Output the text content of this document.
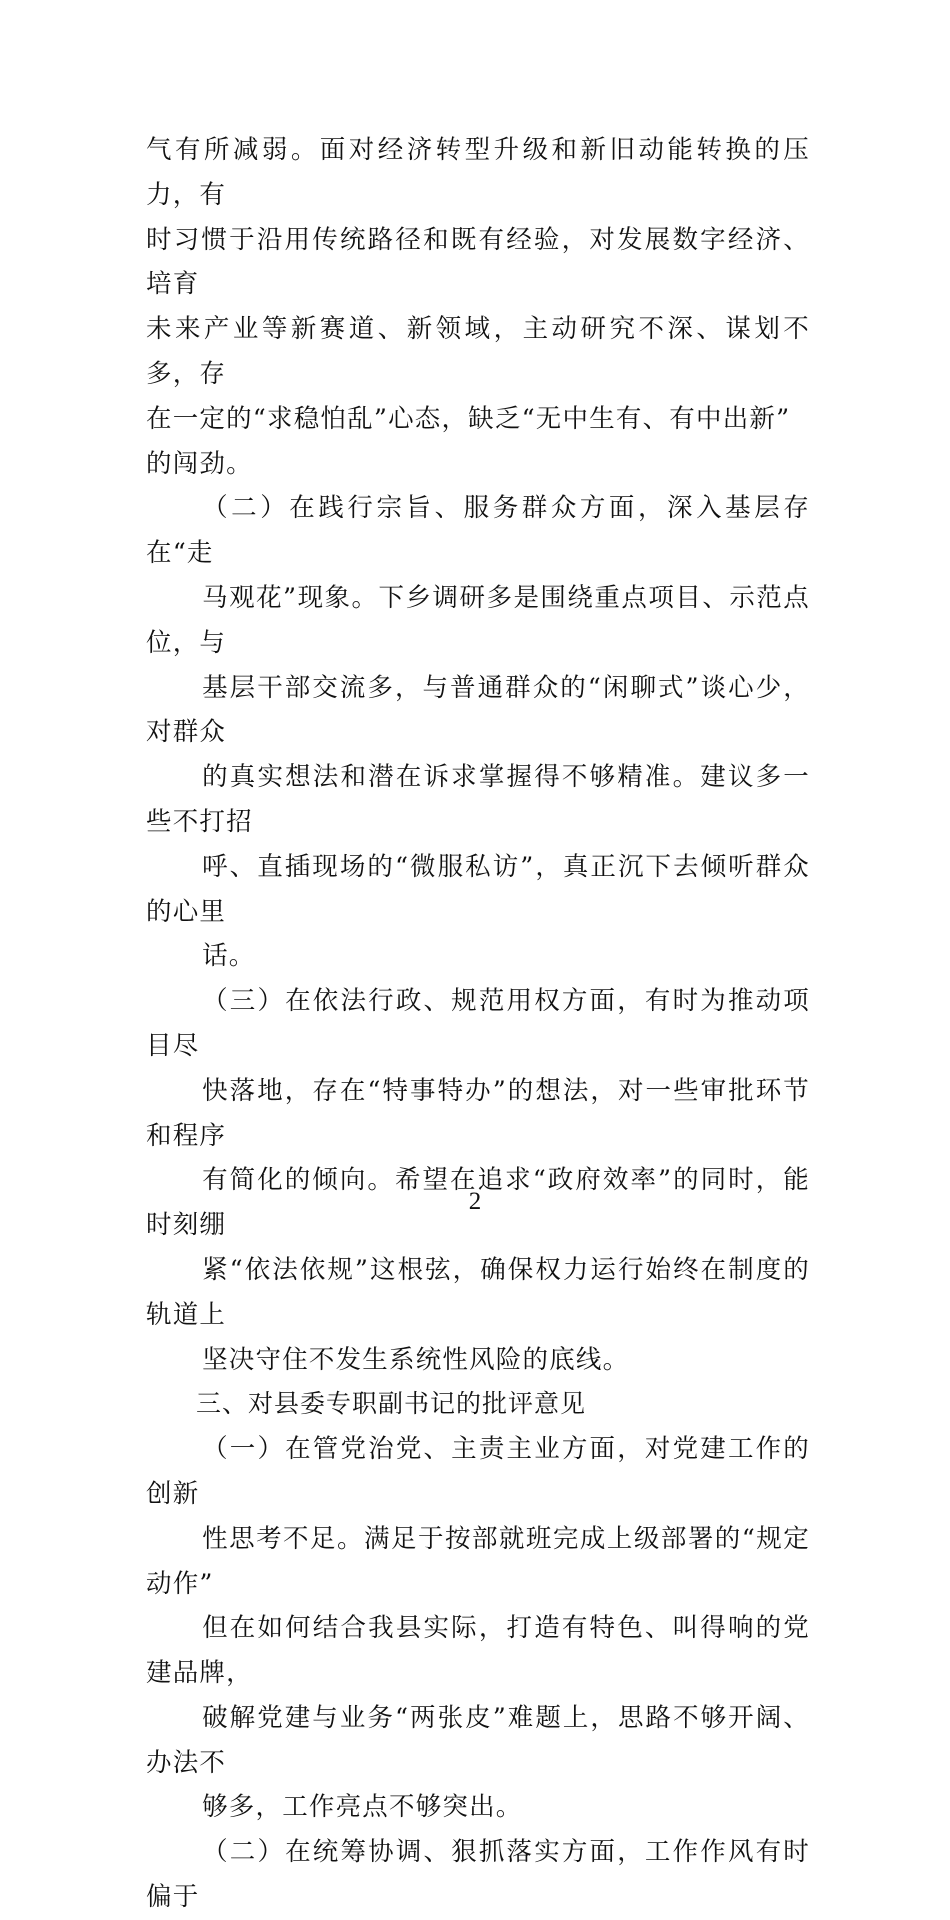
气有所减弱。面对经济转型升级和新旧动能转换的压力，有
时习惯于沿用传统路径和既有经验，对发展数字经济、培育
未来产业等新赛道、新领域，主动研究不深、谋划不多，存
在一定的“求稳怕乱”心态，缺乏“无中生有、有中出新”
的闯劲。

（二）在践行宗旨、服务群众方面，深入基层存在“走
马观花”现象。下乡调研多是围绕重点项目、示范点位，与
基层干部交流多，与普通群众的“闲聊式”谈心少，对群众
的真实想法和潜在诉求掌握得不够精准。建议多一些不打招
呼、直插现场的“微服私访”，真正沉下去倾听群众的心里
话。

（三）在依法行政、规范用权方面，有时为推动项目尽
快落地，存在“特事特办”的想法，对一些审批环节和程序
有简化的倾向。希望在追求“政府效率”的同时，能时刻绷
紧“依法依规”这根弦，确保权力运行始终在制度的轨道上
坚决守住不发生系统性风险的底线。

三、对县委专职副书记的批评意见

（一）在管党治党、主责主业方面，对党建工作的创新
性思考不足。满足于按部就班完成上级部署的“规定动作”
但在如何结合我县实际，打造有特色、叫得响的党建品牌，
破解党建与业务“两张皮”难题上，思路不够开阔、办法不
够多，工作亮点不够突出。

（二）在统筹协调、狠抓落实方面，工作作风有时偏于

2
